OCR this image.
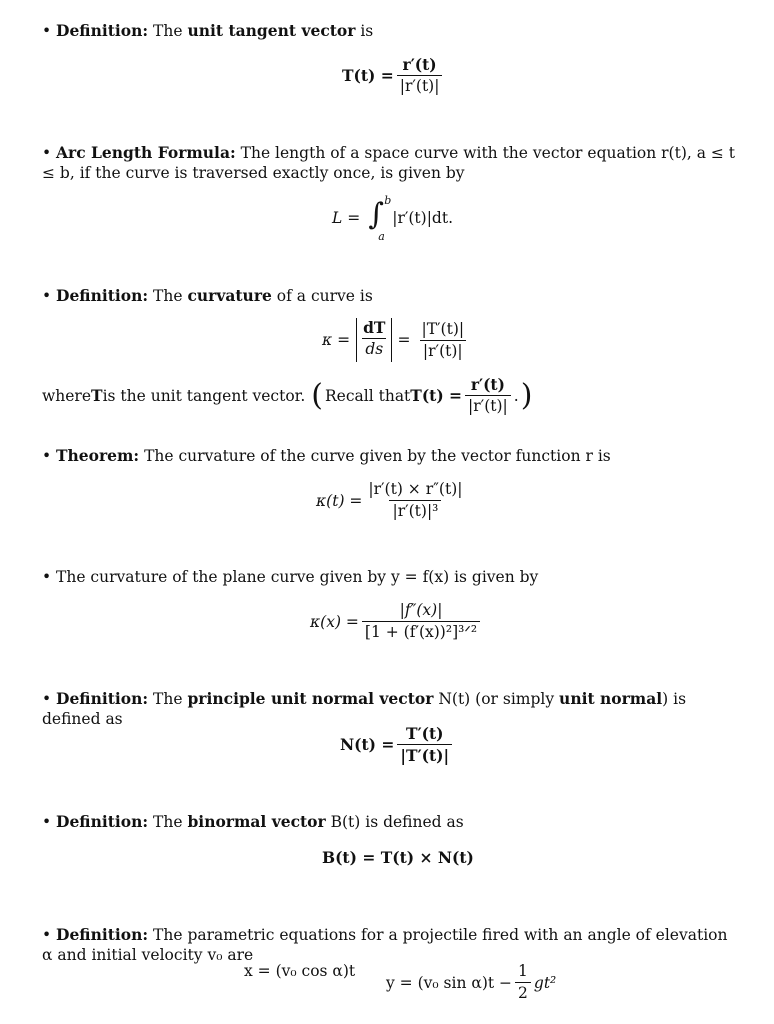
• Definition: The unit tangent vector is
$T(t) = \frac{r'(t)}{|r'(t)|}$
• Arc Length Formula: The length of a space curve with the vector equation r(t), a ≤ t ≤ b, if the curve is traversed exactly once, is given by
L = ∫ b
a
|r′(t)|dt.
• Definition: The curvature of a curve is
$\kappa = \frac{dT}{ds} = \frac{|T'(t)|}{|r'(t)|}$
where T is the unit tangent vector. ( Recall that $T(t) = \frac{r'(t)}{|r'(t)|}$ . )
• Theorem: The curvature of the curve given by the vector function r is
$\kappa(t) = \frac{|r'(t) \times r''(t)|}{\text{|r′(t)|³}}$
• The curvature of the plane curve given by y = f(x) is given by
$\kappa(x) = \frac{|f''(x)|}{\text{[1 + (f′(x))²]³ᐟ²}}$
• Definition: The principle unit normal vector N(t) (or simply unit normal) is defined as
$N(t) = \frac{T'(t)}{|T'(t)|}$
• Definition: The binormal vector B(t) is defined as
B(t) = T(t) × N(t)
• Definition: The parametric equations for a projectile fired with an angle of elevation α and initial velocity v₀ are
x = (v₀ cos α)t
y = (v₀ $\sin \alpha)t - \frac{1}{2} gt^2$
